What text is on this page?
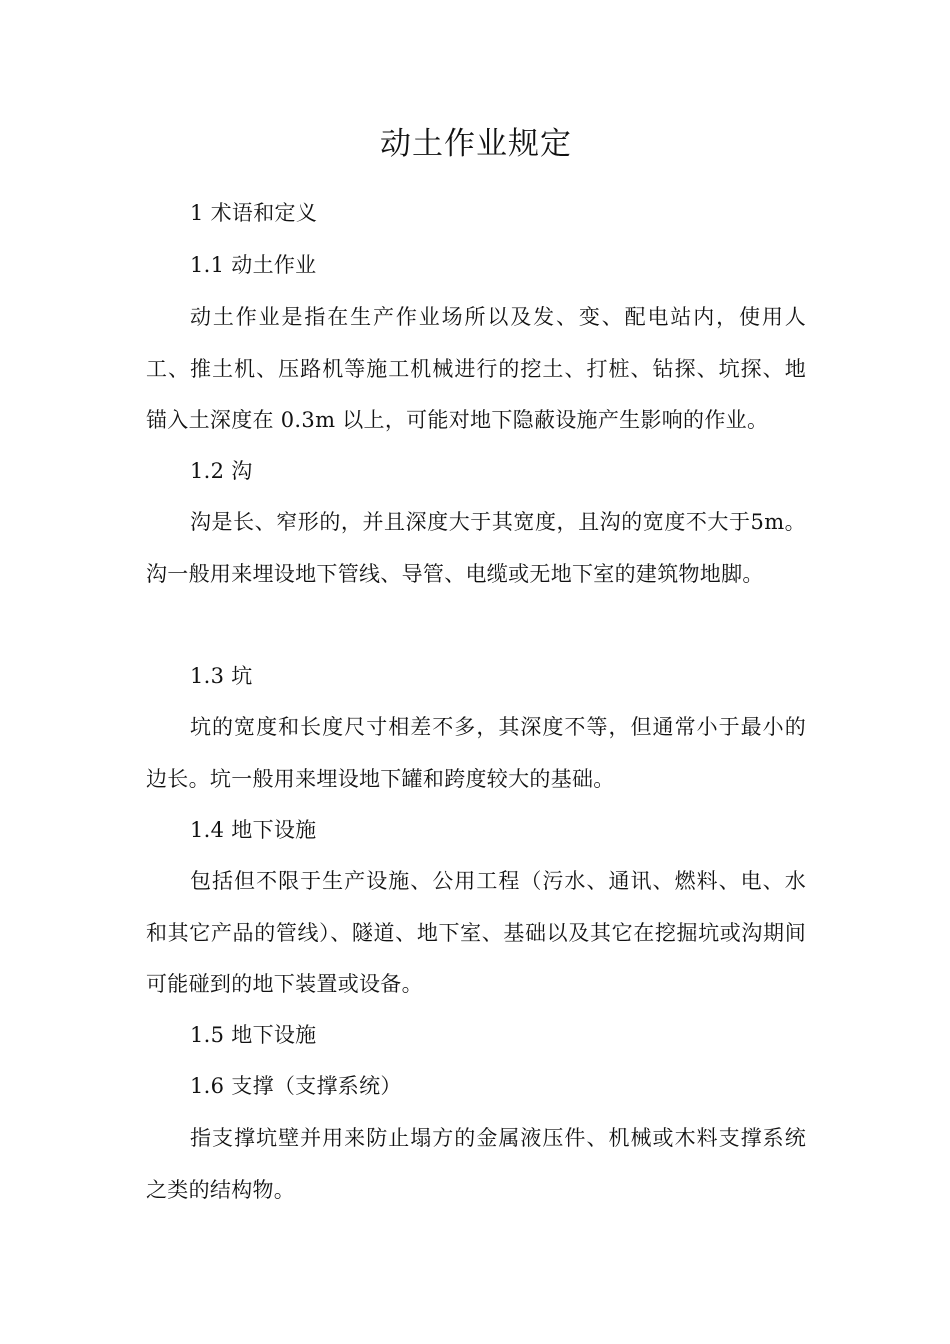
动土作业规定

1 术语和定义

1.1 动土作业

动土作业是指在生产作业场所以及发、变、配电站内，使用人工、推土机、压路机等施工机械进行的挖土、打桩、钻探、坑探、地锚入土深度在 0.3m 以上，可能对地下隐蔽设施产生影响的作业。

1.2 沟

沟是长、窄形的，并且深度大于其宽度，且沟的宽度不大于5m。沟一般用来埋设地下管线、导管、电缆或无地下室的建筑物地脚。

1.3 坑

坑的宽度和长度尺寸相差不多，其深度不等，但通常小于最小的边长。坑一般用来埋设地下罐和跨度较大的基础。

1.4 地下设施

包括但不限于生产设施、公用工程（污水、通讯、燃料、电、水和其它产品的管线）、隧道、地下室、基础以及其它在挖掘坑或沟期间可能碰到的地下装置或设备。

1.5 地下设施

1.6 支撑（支撑系统）

指支撑坑壁并用来防止塌方的金属液压件、机械或木料支撑系统之类的结构物。
